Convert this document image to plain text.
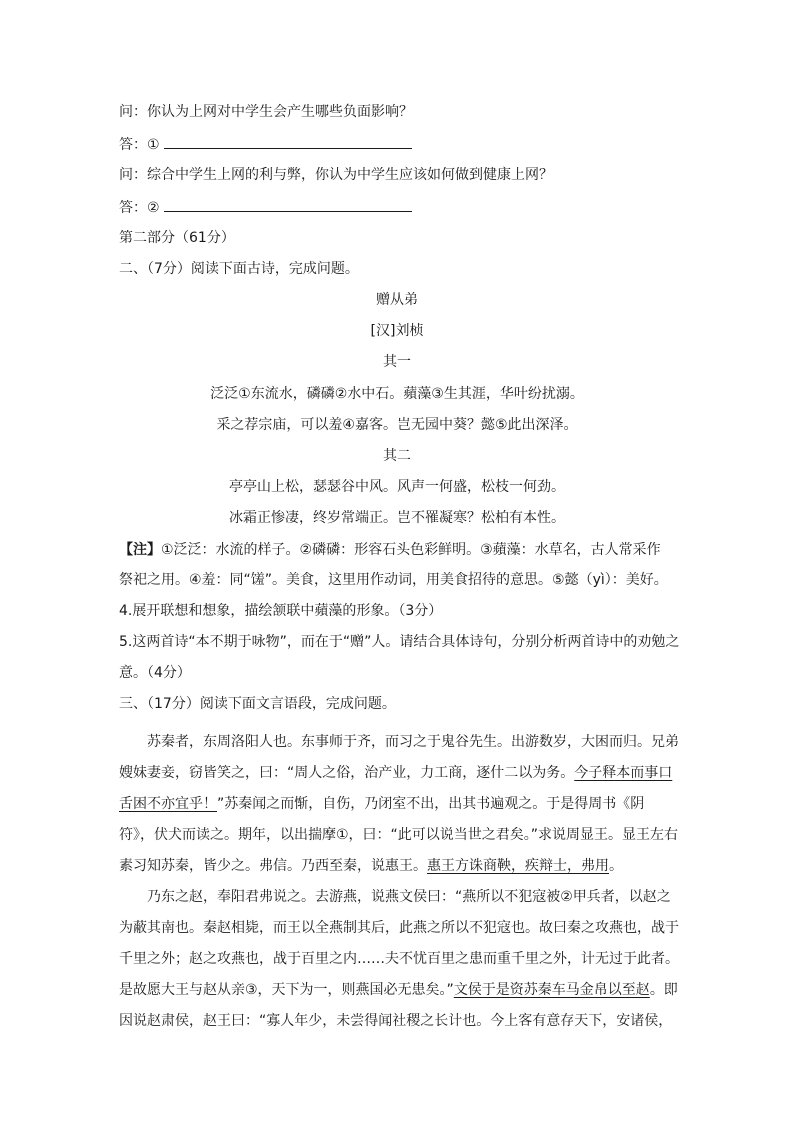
问：你认为上网对中学生会产生哪些负面影响？
答：①
问：综合中学生上网的利与弊，你认为中学生应该如何做到健康上网？
答：②
第二部分（61分）
二、（7分）阅读下面古诗，完成问题。
赠从弟
[汉]刘桢
其一
泛泛①东流水，磷磷②水中石。蘋藻③生其涯，华叶纷扰溺。
采之荐宗庙，可以羞④嘉客。岂无园中葵？懿⑤此出深泽。
其二
亭亭山上松，瑟瑟谷中风。风声一何盛，松枝一何劲。
冰霜正惨凄，终岁常端正。岂不罹凝寒？松柏有本性。
【注】①泛泛：水流的样子。②磷磷：形容石头色彩鲜明。③蘋藻：水草名，古人常采作
祭祀之用。④羞：同“馐”。美食，这里用作动词，用美食招待的意思。⑤懿（yì）：美好。
4.展开联想和想象，描绘颔联中蘋藻的形象。（3分）
5.这两首诗“本不期于咏物”，而在于“赠”人。请结合具体诗句，分别分析两首诗中的劝勉之
意。（4分）
三、（17分）阅读下面文言语段，完成问题。

苏秦者，东周洛阳人也。东事师于齐，而习之于鬼谷先生。出游数岁，大困而归。兄弟嫂妹妻妾，窃皆笑之，曰：“周人之俗，治产业，力工商，逐什二以为务。今子释本而事口舌困不亦宜乎！”苏秦闻之而惭，自伤，乃闭室不出，出其书遍观之。于是得周书《阴符》，伏犬而读之。期年，以出揣摩①，曰：“此可以说当世之君矣。”求说周显王。显王左右素习知苏秦，皆少之。弗信。乃西至秦，说惠王。惠王方诛商鞅，疾辩士，弗用。

乃东之赵，奉阳君弗说之。去游燕，说燕文侯曰：“燕所以不犯寇被②甲兵者，以赵之为蔽其南也。秦赵相毙，而王以全燕制其后，此燕之所以不犯寇也。故曰秦之攻燕也，战于千里之外；赵之攻燕也，战于百里之内……夫不忧百里之患而重千里之外，计无过于此者。是故愿大王与赵从亲③，天下为一，则燕国必无患矣。”文侯于是资苏秦车马金帛以至赵。即因说赵肃侯，赵王曰：“寡人年少，未尝得闻社稷之长计也。今上客有意存天下，安诸侯，
